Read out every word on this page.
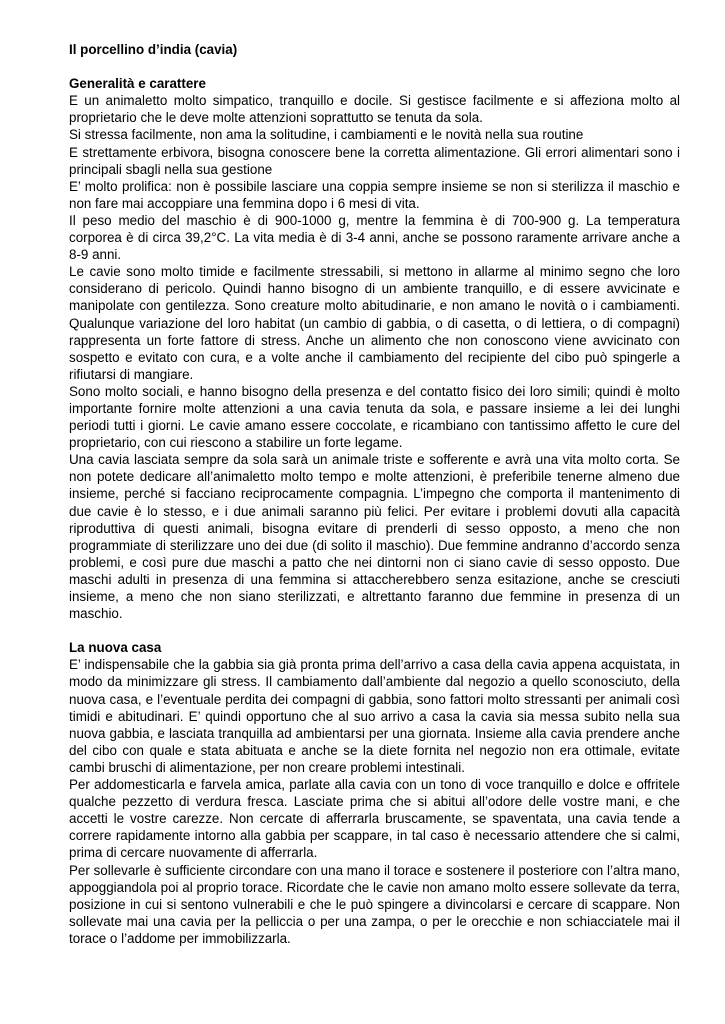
Il porcellino d’india (cavia)
Generalità e carattere

E un animaletto molto simpatico, tranquillo e docile. Si gestisce facilmente e si affeziona molto al proprietario che le deve molte attenzioni soprattutto se tenuta da sola.

Si stressa facilmente, non ama la solitudine, i cambiamenti e le novità nella sua routine

E strettamente erbivora, bisogna conoscere bene la corretta alimentazione. Gli errori alimentari sono i principali sbagli nella sua gestione

E’ molto prolifica: non è possibile lasciare una coppia sempre insieme se non si sterilizza il maschio e non fare mai accoppiare una femmina dopo i 6 mesi di vita.

Il peso medio del maschio è di 900-1000 g, mentre la femmina è di 700-900 g. La temperatura corporea è di circa 39,2°C. La vita media è di 3-4 anni, anche se possono raramente arrivare anche a 8-9 anni.

Le cavie sono molto timide e facilmente stressabili, si mettono in allarme al minimo segno che loro considerano di pericolo. Quindi hanno bisogno di un ambiente tranquillo, e di essere avvicinate e manipolate con gentilezza. Sono creature molto abitudinarie, e non amano le novità o i cambiamenti. Qualunque variazione del loro habitat (un cambio di gabbia, o di casetta, o di lettiera, o di compagni) rappresenta un forte fattore di stress. Anche un alimento che non conoscono viene avvicinato con sospetto e evitato con cura, e a volte anche il cambiamento del recipiente del cibo può spingerle a rifiutarsi di mangiare.

Sono molto sociali, e hanno bisogno della presenza e del contatto fisico dei loro simili; quindi è molto importante fornire molte attenzioni a una cavia tenuta da sola, e passare insieme a lei dei lunghi periodi tutti i giorni. Le cavie amano essere coccolate, e ricambiano con tantissimo affetto le cure del proprietario, con cui riescono a stabilire un forte legame.

Una cavia lasciata sempre da sola sarà un animale triste e sofferente e avrà una vita molto corta. Se non potete dedicare all’animaletto molto tempo e molte attenzioni, è preferibile tenerne almeno due insieme, perché si facciano reciprocamente compagnia. L’impegno che comporta il mantenimento di due cavie è lo stesso, e i due animali saranno più felici. Per evitare i problemi dovuti alla capacità riproduttiva di questi animali, bisogna evitare di prenderli di sesso opposto, a meno che non programmiate di sterilizzare uno dei due (di solito il maschio). Due femmine andranno d’accordo senza problemi, e così pure due maschi a patto che nei dintorni non ci siano cavie di sesso opposto. Due maschi adulti in presenza di una femmina si attaccherebbero senza esitazione, anche se cresciuti insieme, a meno che non siano sterilizzati, e altrettanto faranno due femmine in presenza di un maschio.

La nuova casa

E’ indispensabile che la gabbia sia già pronta prima dell’arrivo a casa della cavia appena acquistata, in modo da minimizzare gli stress. Il cambiamento dall’ambiente dal negozio a quello sconosciuto, della nuova casa, e l’eventuale perdita dei compagni di gabbia, sono fattori molto stressanti per animali così timidi e abitudinari. E’ quindi opportuno che al suo arrivo a casa la cavia sia messa subito nella sua nuova gabbia, e lasciata tranquilla ad ambientarsi per una giornata. Insieme alla cavia prendere anche del cibo con quale e stata abituata e anche se la diete fornita nel negozio non era ottimale, evitate cambi bruschi di alimentazione, per non creare problemi intestinali.

Per addomesticarla e farvela amica, parlate alla cavia con un tono di voce tranquillo e dolce e offritele qualche pezzetto di verdura fresca. Lasciate prima che si abitui all’odore delle vostre mani, e che accetti le vostre carezze. Non cercate di afferrarla bruscamente, se spaventata, una cavia tende a correre rapidamente intorno alla gabbia per scappare, in tal caso è necessario attendere che si calmi, prima di cercare nuovamente di afferrarla.

Per sollevarle è sufficiente circondare con una mano il torace e sostenere il posteriore con l’altra mano, appoggiandola poi al proprio torace. Ricordate che le cavie non amano molto essere sollevate da terra, posizione in cui si sentono vulnerabili e che le può spingere a divincolarsi e cercare di scappare. Non sollevate mai una cavia per la pelliccia o per una zampa, o per le orecchie e non schiacciatele mai il torace o l’addome per immobilizzarla.
